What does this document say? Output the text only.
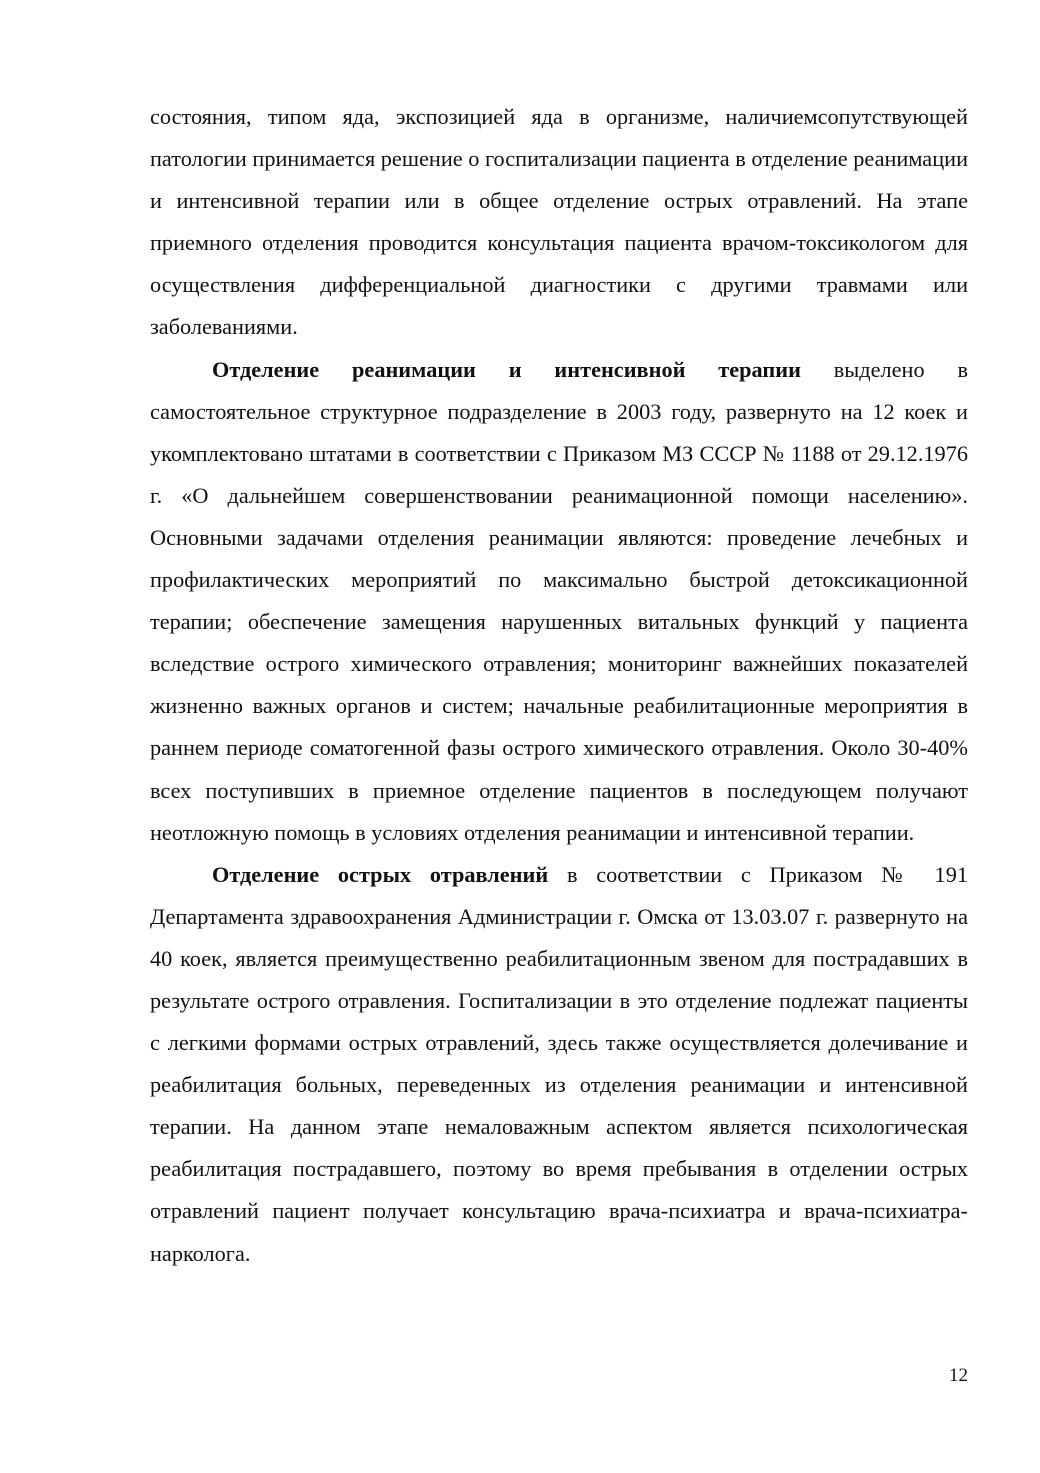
состояния, типом яда, экспозицией яда в организме, наличиемсопутствующей патологии принимается решение о госпитализации пациента в отделение реанимации и интенсивной терапии или в общее отделение острых отравлений. На этапе приемного отделения проводится консультация пациента врачом-токсикологом для осуществления дифференциальной диагностики с другими травмами или заболеваниями.

Отделение реанимации и интенсивной терапии выделено в самостоятельное структурное подразделение в 2003 году, развернуто на 12 коек и укомплектовано штатами в соответствии с Приказом МЗ СССР № 1188 от 29.12.1976 г. «О дальнейшем совершенствовании реанимационной помощи населению». Основными задачами отделения реанимации являются: проведение лечебных и профилактических мероприятий по максимально быстрой детоксикационной терапии; обеспечение замещения нарушенных витальных функций у пациента вследствие острого химического отравления; мониторинг важнейших показателей жизненно важных органов и систем; начальные реабилитационные мероприятия в раннем периоде соматогенной фазы острого химического отравления. Около 30-40% всех поступивших в приемное отделение пациентов в последующем получают неотложную помощь в условиях отделения реанимации и интенсивной терапии.

Отделение острых отравлений в соответствии с Приказом № 191 Департамента здравоохранения Администрации г. Омска от 13.03.07 г. развернуто на 40 коек, является преимущественно реабилитационным звеном для пострадавших в результате острого отравления. Госпитализации в это отделение подлежат пациенты с легкими формами острых отравлений, здесь также осуществляется долечивание и реабилитация больных, переведенных из отделения реанимации и интенсивной терапии. На данном этапе немаловажным аспектом является психологическая реабилитация пострадавшего, поэтому во время пребывания в отделении острых отравлений пациент получает консультацию врача-психиатра и врача-психиатра-нарколога.

12
